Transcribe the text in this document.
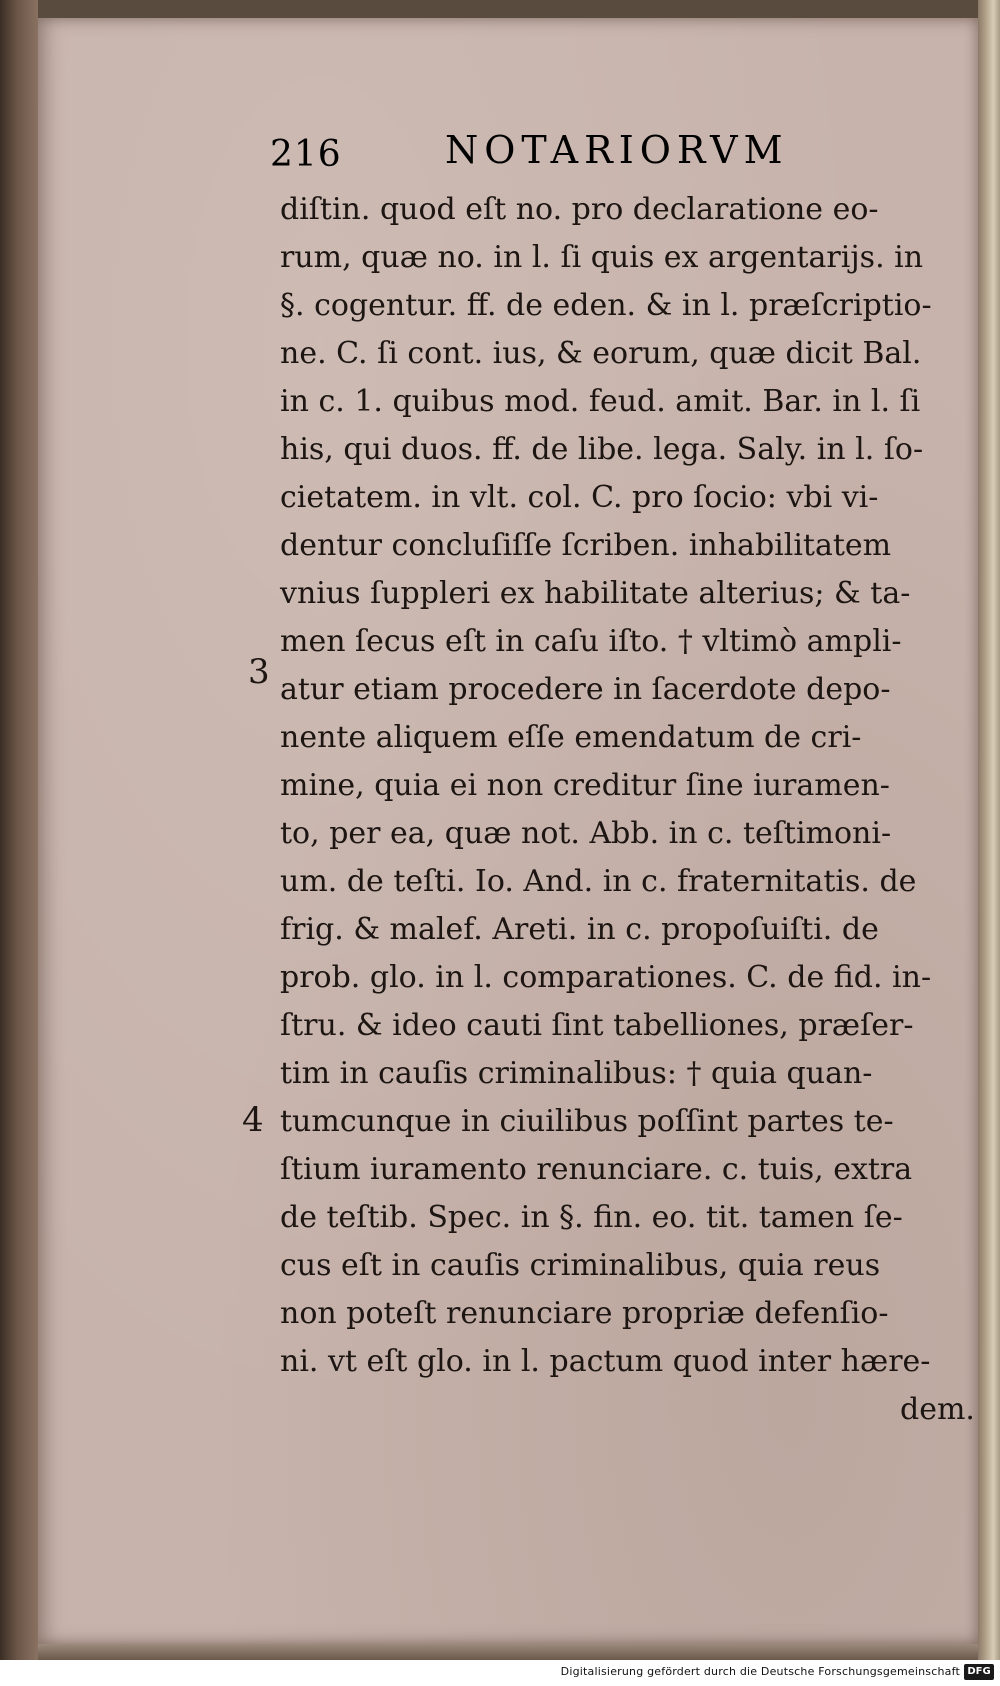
216	NOTARIORVM
diſtin. quod eſt no. pro declaratione eo-
rum, quæ no. in l. ſi quis ex argentarijs. in
§. cogentur. ff. de eden. & in l. præſcriptio-
ne. C. ſi cont. ius, & eorum, quæ dicit Bal.
in c. 1. quibus mod. feud. amit. Bar. in l. ſi
his, qui duos. ff. de libe. lega. Saly. in l. ſo-
cietatem. in vlt. col. C. pro ſocio: vbi vi-
dentur concluſiſſe ſcriben. inhabilitatem
vnius ſuppleri ex habilitate alterius; & ta-
men ſecus eſt in caſu iſto. † vltimò ampli-
atur etiam procedere in ſacerdote depo-
nente aliquem eſſe emendatum de cri-
mine, quia ei non creditur ſine iuramen-
to, per ea, quæ not. Abb. in c. teſtimoni-
um. de teſti. Io. And. in c. fraternitatis. de
frig. & malef. Areti. in c. propoſuiſti. de
prob. glo. in l. comparationes. C. de fid. in-
ſtru. & ideo cauti ſint tabelliones, præſer-
tim in cauſis criminalibus: † quia quan-
tumcunque in ciuilibus poſſint partes te-
ſtium iuramento renunciare. c. tuis, extra
de teſtib. Spec. in §. fin. eo. tit. tamen ſe-
cus eſt in cauſis criminalibus, quia reus
non poteſt renunciare propriæ defenſio-
ni. vt eſt glo. in l. pactum quod inter hære-
dem.
3
4
Digitalisierung gefördert durch die Deutsche Forschungsgemeinschaft DFG
